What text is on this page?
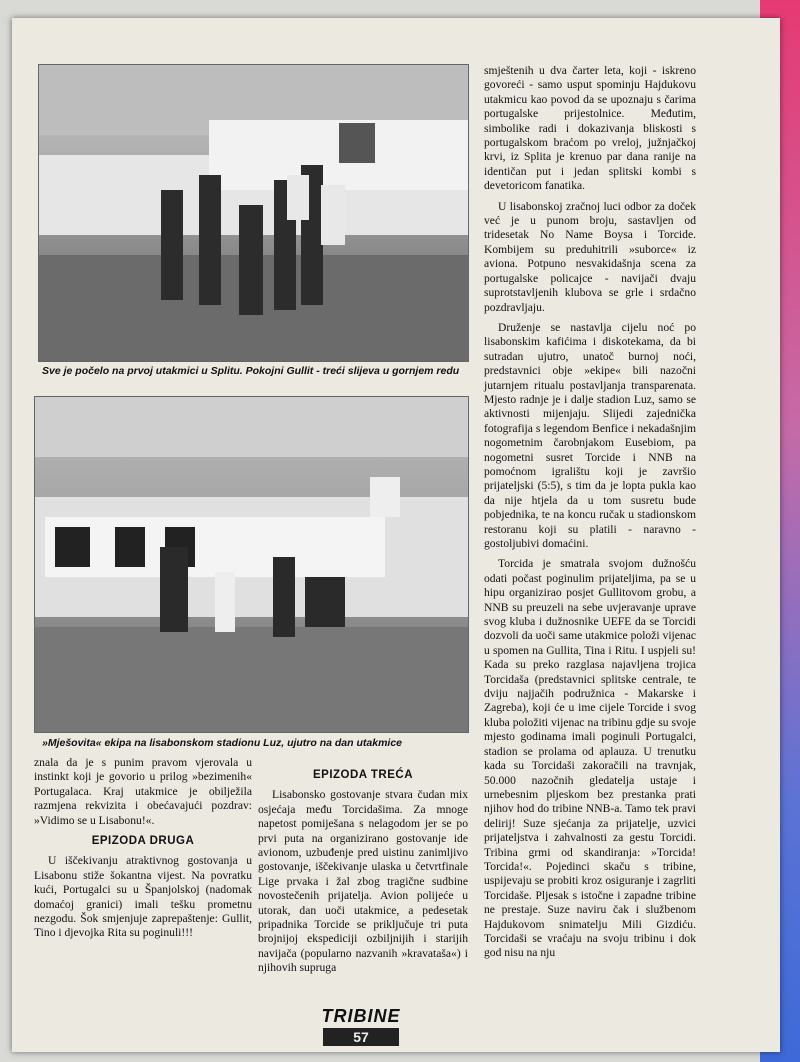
Sve je počelo na prvoj utakmici u Splitu. Pokojni Gullit - treći slijeva u gornjem redu
»Mješovita« ekipa na lisabonskom stadionu Luz, ujutro na dan utakmice

znala da je s punim pravom vjerovala u instinkt koji je govorio u prilog »bezimenih« Portugalaca. Kraj utakmice je obilježila razmjena rekvizita i obećavajući pozdrav: »Vidimo se u Lisabonu!«.

EPIZODA DRUGA

U iščekivanju atraktivnog gostovanja u Lisabonu stiže šokantna vijest. Na povratku kući, Portugalci su u Španjolskoj (nadomak domaćoj granici) imali tešku prometnu nezgodu. Šok smjenjuje zaprepaštenje: Gullit, Tino i djevojka Rita su poginuli!!!

EPIZODA TREĆA

Lisabonsko gostovanje stvara čudan mix osjećaja među Torcidašima. Za mnoge napetost pomiješana s nelagodom jer se po prvi puta na organizirano gostovanje ide avionom, uzbuđenje pred uistinu zanimljivo gostovanje, iščekivanje ulaska u četvrtfinale Lige prvaka i žal zbog tragične sudbine novostečenih prijatelja. Avion polijeće u utorak, dan uoči utakmice, a pedesetak pripadnika Torcide se priključuje tri puta brojnijoj ekspediciji ozbiljnijih i starijih navijača (popularno nazvanih »kravataša«) i njihovih supruga

smještenih u dva čarter leta, koji - iskreno govoreći - samo usput spominju Hajdukovu utakmicu kao povod da se upoznaju s čarima portugalske prijestolnice. Međutim, simbolike radi i dokazivanja bliskosti s portugalskom braćom po vreloj, južnjačkoj krvi, iz Splita je krenuo par dana ranije na identičan put i jedan splitski kombi s devetoricom fanatika.

U lisabonskoj zračnoj luci odbor za doček već je u punom broju, sastavljen od tridesetak No Name Boysa i Torcide. Kombijem su preduhitrili »suborce« iz aviona. Potpuno nesvakidašnja scena za portugalske policajce - navijači dvaju suprotstavljenih klubova se grle i srdačno pozdravljaju.

Druženje se nastavlja cijelu noć po lisabonskim kafićima i diskotekama, da bi sutradan ujutro, unatoč burnoj noći, predstavnici obje »ekipe« bili nazočni jutarnjem ritualu postavljanja transparenata. Mjesto radnje je i dalje stadion Luz, samo se aktivnosti mijenjaju. Slijedi zajednička fotografija s legendom Benfice i nekadašnjim nogometnim čarobnjakom Eusebiom, pa nogometni susret Torcide i NNB na pomoćnom igralištu koji je završio prijateljski (5:5), s tim da je lopta pukla kao da nije htjela da u tom susretu bude pobjednika, te na koncu ručak u stadionskom restoranu koji su platili - naravno - gostoljubivi domaćini.

Torcida je smatrala svojom dužnošću odati počast poginulim prijateljima, pa se u hipu organizirao posjet Gullitovom grobu, a NNB su preuzeli na sebe uvjeravanje uprave svog kluba i dužnosnike UEFE da se Torcidi dozvoli da uoči same utakmice položi vijenac u spomen na Gullita, Tina i Ritu. I uspjeli su! Kada su preko razglasa najavljena trojica Torcidaša (predstavnici splitske centrale, te dviju najjačih podružnica - Makarske i Zagreba), koji će u ime cijele Torcide i svog kluba položiti vijenac na tribinu gdje su svoje mjesto godinama imali poginuli Portugalci, stadion se prolama od aplauza. U trenutku kada su Torcidaši zakoračili na travnjak, 50.000 nazočnih gledatelja ustaje i urnebesnim pljeskom bez prestanka prati njihov hod do tribine NNB-a. Tamo tek pravi delirij! Suze sjećanja za prijatelje, uzvici prijateljstva i zahvalnosti za gestu Torcidi. Tribina grmi od skandiranja: »Torcida! Torcida!«. Pojedinci skaču s tribine, uspijevaju se probiti kroz osiguranje i zagrliti Torcidaše. Pljesak s istočne i zapadne tribine ne prestaje. Suze naviru čak i službenom Hajdukovom snimatelju Mili Gizdiću. Torcidaši se vraćaju na svoju tribinu i dok god nisu na nju

TRIBINE
57
